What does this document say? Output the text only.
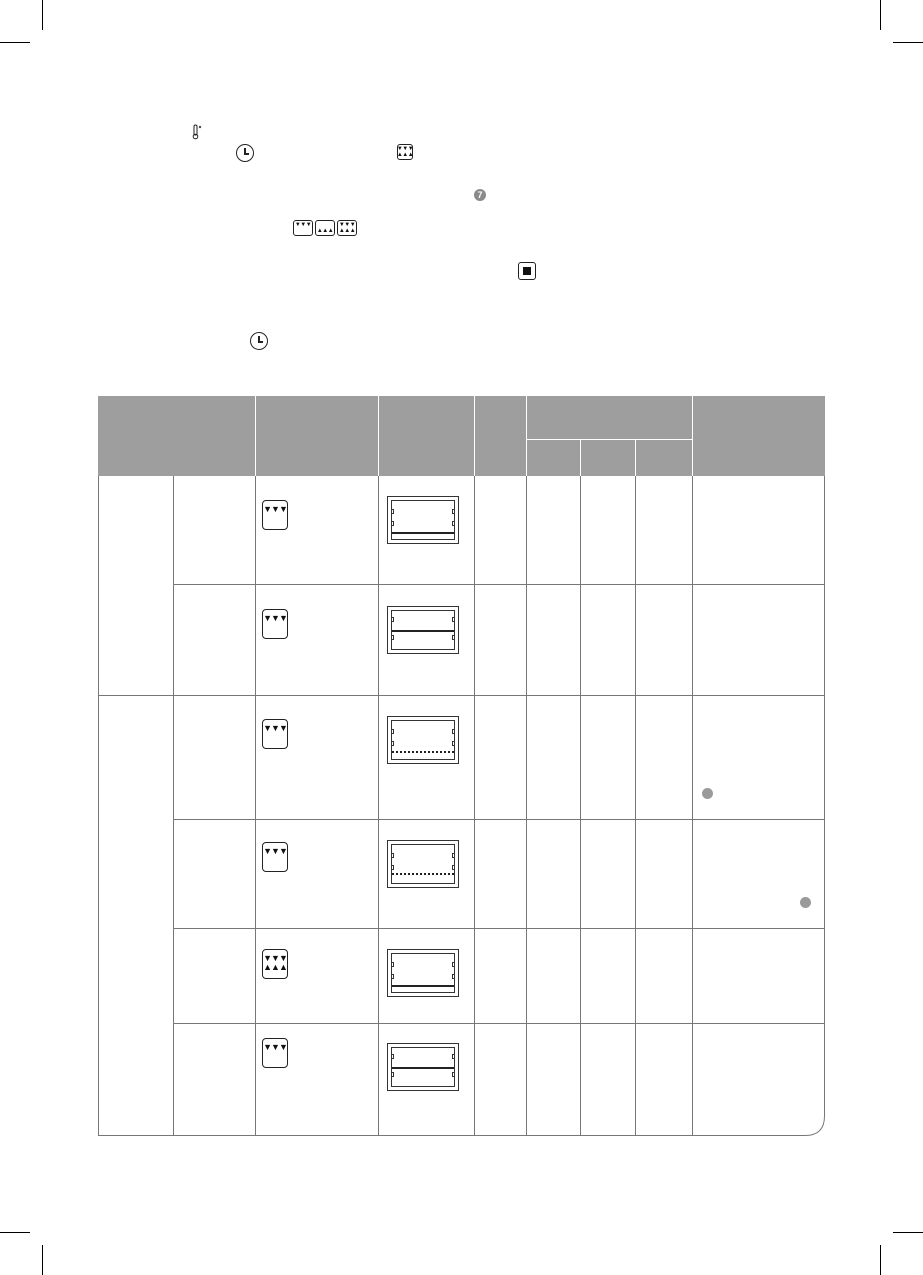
▼▼▼
▲▲▲
7
▼▼▼

▲▲▲
▼▼▼
▲▲▲
▼▼▼
▼▼▼
▼▼▼
▼▼▼
▼▼▼
▲▲▲
▼▼▼
